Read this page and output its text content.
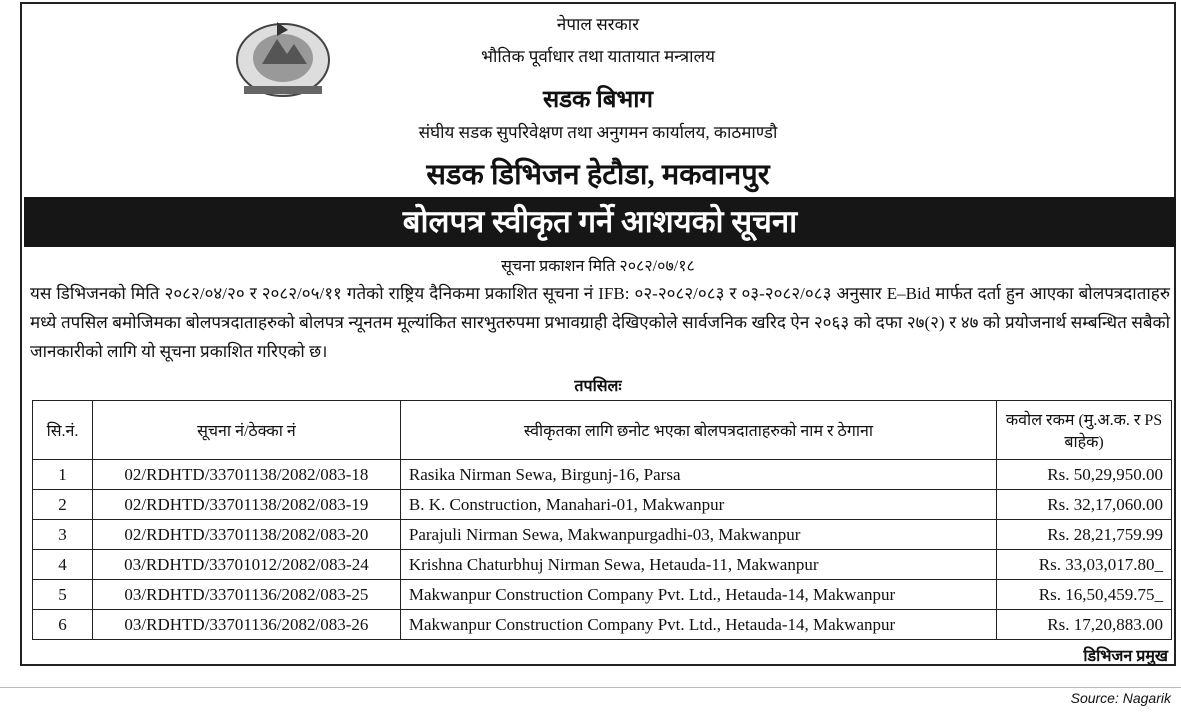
नेपाल सरकार
भौतिक पूर्वाधार तथा यातायात मन्त्रालय
सडक बिभाग
संघीय सडक सुपरिवेक्षण तथा अनुगमन कार्यालय, काठमाण्डौ
सडक डिभिजन हेटौडा, मकवानपुर
बोलपत्र स्वीकृत गर्ने आशयको सूचना
सूचना प्रकाशन मिति २०८२/०७/१८
यस डिभिजनको मिति २०८२/०४/२० र २०८२/०५/११ गतेको राष्ट्रिय दैनिकमा प्रकाशित सूचना नं IFB: ०२-२०८२/०८३ र ०३-२०८२/०८३ अनुसार E–Bid मार्फत दर्ता हुन आएका बोलपत्रदाताहरु मध्ये तपसिल बमोजिमका बोलपत्रदाताहरुको बोलपत्र न्यूनतम मूल्यांकित सारभुतरुपमा प्रभावग्राही देखिएकोले सार्वजनिक खरिद ऐन २०६३ को दफा २७(२) र ४७ को प्रयोजनार्थ सम्बन्धित सबैको जानकारीको लागि यो सूचना प्रकाशित गरिएको छ।
तपसिलः
सि.नं.	सूचना नं/ठेक्का नं	स्वीकृतका लागि छनोट भएका बोलपत्रदाताहरुको नाम र ठेगाना	कवोल रकम (मु.अ.क. र PS बाहेक)
1	02/RDHTD/33701138/2082/083-18	Rasika Nirman Sewa, Birgunj-16, Parsa	Rs. 50,29,950.00
2	02/RDHTD/33701138/2082/083-19	B. K. Construction, Manahari-01, Makwanpur	Rs. 32,17,060.00
3	02/RDHTD/33701138/2082/083-20	Parajuli Nirman Sewa, Makwanpurgadhi-03, Makwanpur	Rs. 28,21,759.99
4	03/RDHTD/33701012/2082/083-24	Krishna Chaturbhuj Nirman Sewa, Hetauda-11, Makwanpur	Rs. 33,03,017.80_
5	03/RDHTD/33701136/2082/083-25	Makwanpur Construction Company Pvt. Ltd., Hetauda-14, Makwanpur	Rs. 16,50,459.75_
6	03/RDHTD/33701136/2082/083-26	Makwanpur Construction Company Pvt. Ltd., Hetauda-14, Makwanpur	Rs. 17,20,883.00
डिभिजन प्रमुख
Source: Nagarik
